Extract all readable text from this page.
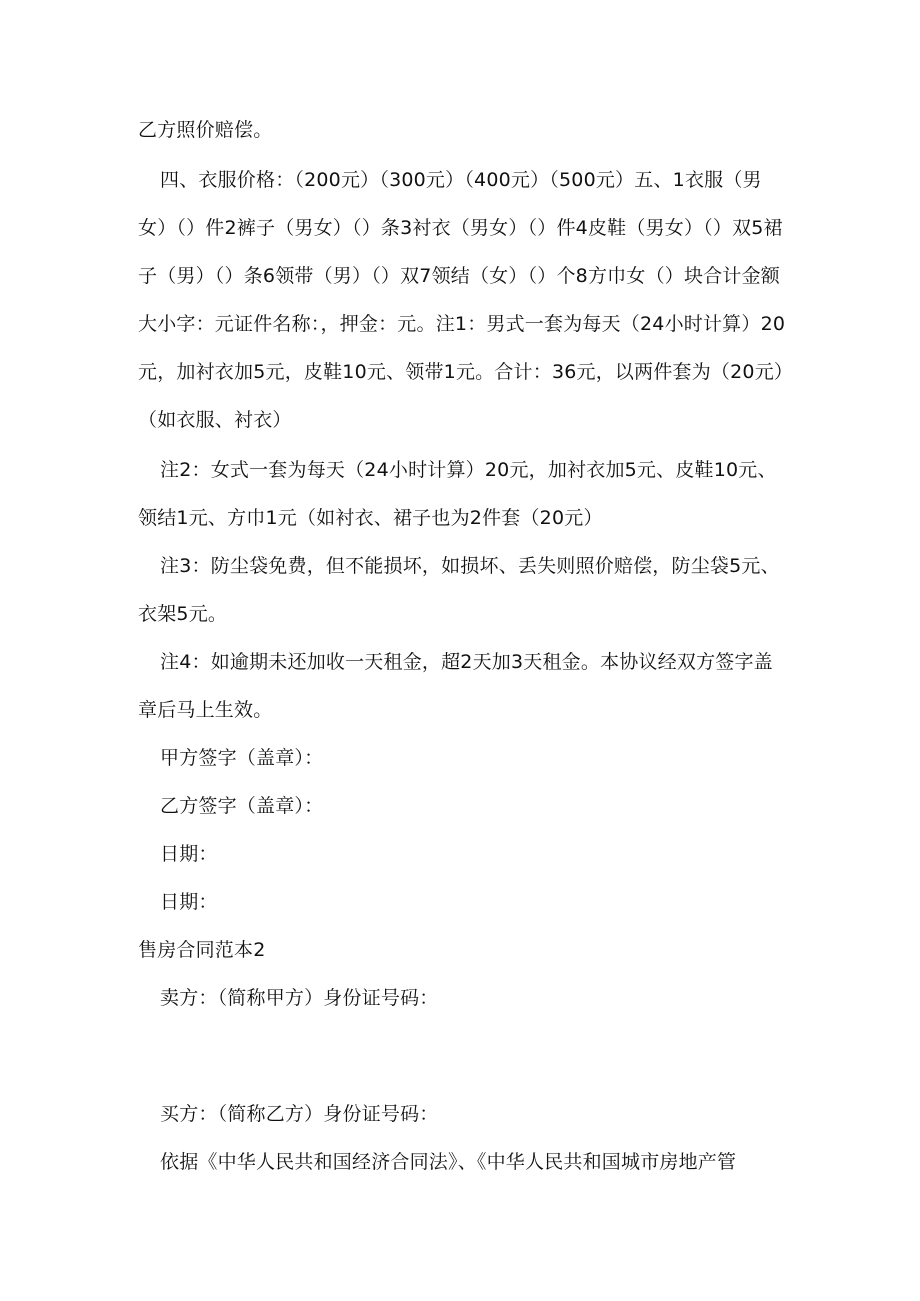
乙方照价赔偿。
四、衣服价格：（200元）（300元）（400元）（500元）五、1衣服（男女）（）件2裤子（男女）（）条3衬衣（男女）（）件4皮鞋（男女）（）双5裙子（男）（）条6领带（男）（）双7领结（女）（）个8方巾女（）块合计金额大小字：元证件名称：，押金：元。注1：男式一套为每天（24小时计算）20元，加衬衣加5元，皮鞋10元、领带1元。合计：36元，以两件套为（20元）（如衣服、衬衣）
注2：女式一套为每天（24小时计算）20元，加衬衣加5元、皮鞋10元、领结1元、方巾1元（如衬衣、裙子也为2件套（20元）
注3：防尘袋免费，但不能损坏，如损坏、丢失则照价赔偿，防尘袋5元、衣架5元。
注4：如逾期未还加收一天租金，超2天加3天租金。本协议经双方签字盖章后马上生效。
甲方签字（盖章）：
乙方签字（盖章）：
日期：
日期：
售房合同范本2
卖方：（简称甲方）身份证号码：
买方：（简称乙方）身份证号码：
依据《中华人民共和国经济合同法》、《中华人民共和国城市房地产管
